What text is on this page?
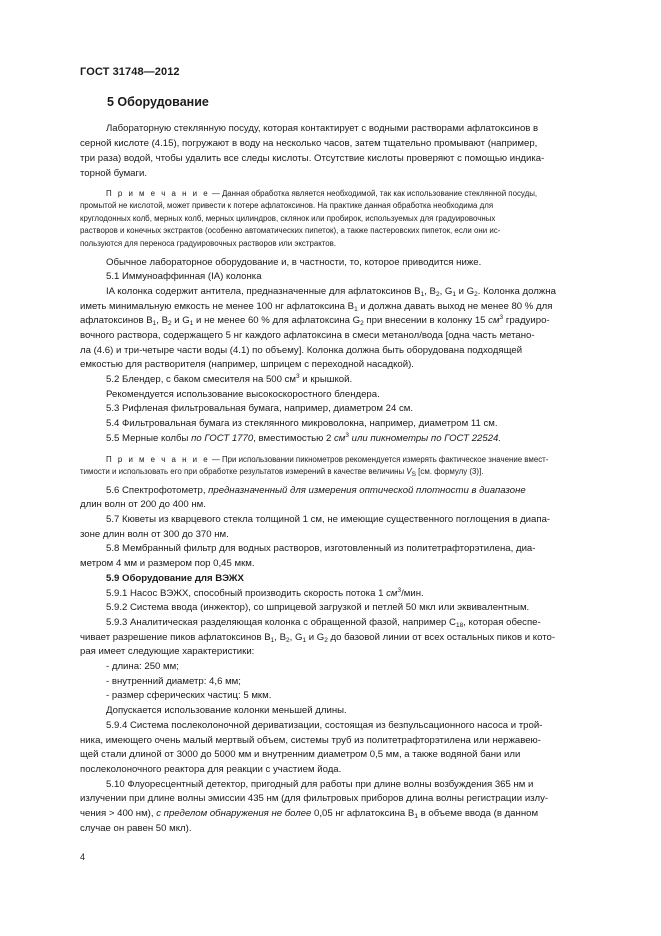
ГОСТ 31748—2012
5 Оборудование

Лабораторную стеклянную посуду, которая контактирует с водными растворами афлатоксинов в

серной кислоте (4.15), погружают в воду на несколько часов, затем тщательно промывают (например,

три раза) водой, чтобы удалить все следы кислоты. Отсутствие кислоты проверяют с помощью индика-

торной бумаги.

П р и м е ч а н и е — Данная обработка является необходимой, так как использование стеклянной посуды,

промытой не кислотой, может привести к потере афлатоксинов. На практике данная обработка необходима для

круглодонных колб, мерных колб, мерных цилиндров, склянок или пробирок, используемых для градуировочных

растворов и конечных экстрактов (особенно автоматических пипеток), а также пастеровских пипеток, если они ис-

пользуются для переноса градуировочных растворов или экстрактов.

Обычное лабораторное оборудование и, в частности, то, которое приводится ниже.

5.1 Иммуноаффинная (IA) колонка

IA колонка содержит антитела, предназначенные для афлатоксинов $B_1$, $B_2$, $G_1$ и $G_2$. Колонка должна

иметь минимальную емкость не менее 100 нг афлатоксина $B_1$ и должна давать выход не менее 80 % для

афлатоксинов $B_1$, $B_2$ и $G_1$ и не менее 60 % для афлатоксина $G_2$ при внесении в колонку 15 $см^3$ градуиро-

вочного раствора, содержащего 5 нг каждого афлатоксина в смеси метанол/вода [одна часть метано-

ла (4.6) и три-четыре части воды (4.1) по объему]. Колонка должна быть оборудована подходящей

емкостью для растворителя (например, шприцем с переходной насадкой).

5.2 Блендер, с баком смесителя на 500 $см^3$ и крышкой.

Рекомендуется использование высокоскоростного блендера.

5.3 Рифленая фильтровальная бумага, например, диаметром 24 см.

5.4 Фильтровальная бумага из стеклянного микроволокна, например, диаметром 11 см.

5.5 Мерные колбы по ГОСТ 1770, вместимостью 2 $см^3$ или пикнометры по ГОСТ 22524.

П р и м е ч а н и е — При использовании пикнометров рекомендуется измерять фактическое значение вмест-

тимости и использовать его при обработке результатов измерений в качестве величины $V_S$ [см. формулу (3)].

5.6 Спектрофотометр, предназначенный для измерения оптической плотности в диапазоне

длин волн от 200 до 400 нм.

5.7 Кюветы из кварцевого стекла толщиной 1 см, не имеющие существенного поглощения в диапа-

зоне длин волн от 300 до 370 нм.

5.8 Мембранный фильтр для водных растворов, изготовленный из политетрафторэтилена, диа-

метром 4 мм и размером пор 0,45 мкм.

5.9 Оборудование для ВЭЖХ

5.9.1 Насос ВЭЖХ, способный производить скорость потока 1 $см^3$/мин.

5.9.2 Система ввода (инжектор), со шприцевой загрузкой и петлей 50 мкл или эквивалентным.

5.9.3 Аналитическая разделяющая колонка с обращенной фазой, например $C_{18}$, которая обеспе-

чивает разрешение пиков афлатоксинов $B_1$, $B_2$, $G_1$ и $G_2$ до базовой линии от всех остальных пиков и кото-

рая имеет следующие характеристики:

- длина: 250 мм;

- внутренний диаметр: 4,6 мм;

- размер сферических частиц: 5 мкм.

Допускается использование колонки меньшей длины.

5.9.4 Система послеколоночной дериватизации, состоящая из безпульсационного насоса и трой-

ника, имеющего очень малый мертвый объем, системы труб из политетрафторэтилена или нержавею-

щей стали длиной от 3000 до 5000 мм и внутренним диаметром 0,5 мм, а также водяной бани или

послеколоночного реактора для реакции с участием йода.

5.10 Флуоресцентный детектор, пригодный для работы при длине волны возбуждения 365 нм и

излучении при длине волны эмиссии 435 нм (для фильтровых приборов длина волны регистрации излу-

чения > 400 нм), с пределом обнаружения не более 0,05 нг афлатоксина $B_1$ в объеме ввода (в данном

случае он равен 50 мкл).

4
